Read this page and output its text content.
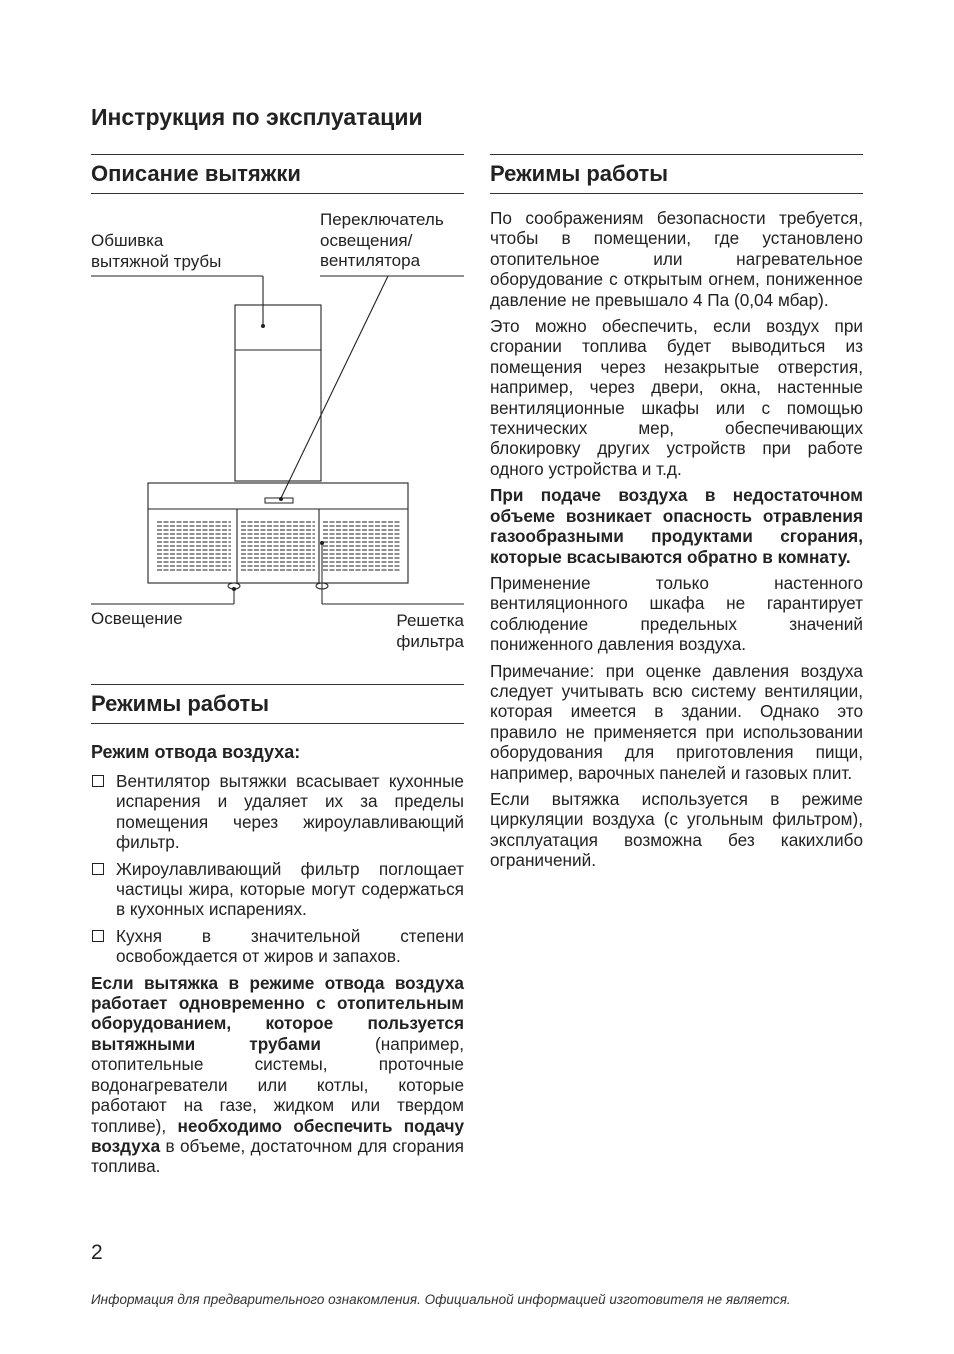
Инструкция по эксплуатации
Описание вытяжки
Обшивка
вытяжной трубы
Переключатель
освещения/
вентилятора
Освещение	Решетка
фильтра
Режимы работы
Режим отвода воздуха:
Вентилятор вытяжки всасывает кухонные испарения и удаляет их за пределы помещения через жироулавливающий фильтр.
Жироулавливающий фильтр поглощает частицы жира, которые могут содержаться в кухонных испарениях.
Кухня в значительной степени освобождается от жиров и запахов.

Если вытяжка в режиме отвода воздуха работает одновременно с отопительным оборудованием, которое пользуется вытяжными трубами (например, отопительные системы, проточные водонагреватели или котлы, которые работают на газе, жидком или твердом топливе), необходимо обеспечить подачу воздуха в объеме, достаточном для сгорания топлива.

Режимы работы

По соображениям безопасности требуется, чтобы в помещении, где установлено отопительное или нагревательное оборудование с открытым огнем, пониженное давление не превышало 4 Па (0,04 мбар).

Это можно обеспечить, если воздух при сгорании топлива будет выводиться из помещения через незакрытые отверстия, например, через двери, окна, настенные вентиляционные шкафы или с помощью технических мер, обеспечивающих блокировку других устройств при работе одного устройства и т.д.

При подаче воздуха в недостаточном объеме возникает опасность отравления газообразными продуктами сгорания, которые всасываются обратно в комнату.

Применение только настенного вентиляционного шкафа не гарантирует соблюдение предельных значений пониженного давления воздуха.

Примечание: при оценке давления воздуха следует учитывать всю систему вентиляции, которая имеется в здании. Однако это правило не применяется при использовании оборудования для приготовления пищи, например, варочных панелей и газовых плит.

Если вытяжка используется в режиме циркуляции воздуха (с угольным фильтром), эксплуатация возможна без какихлибо ограничений.

2
Информация для предварительного ознакомления. Официальной информацией изготовителя не является.
